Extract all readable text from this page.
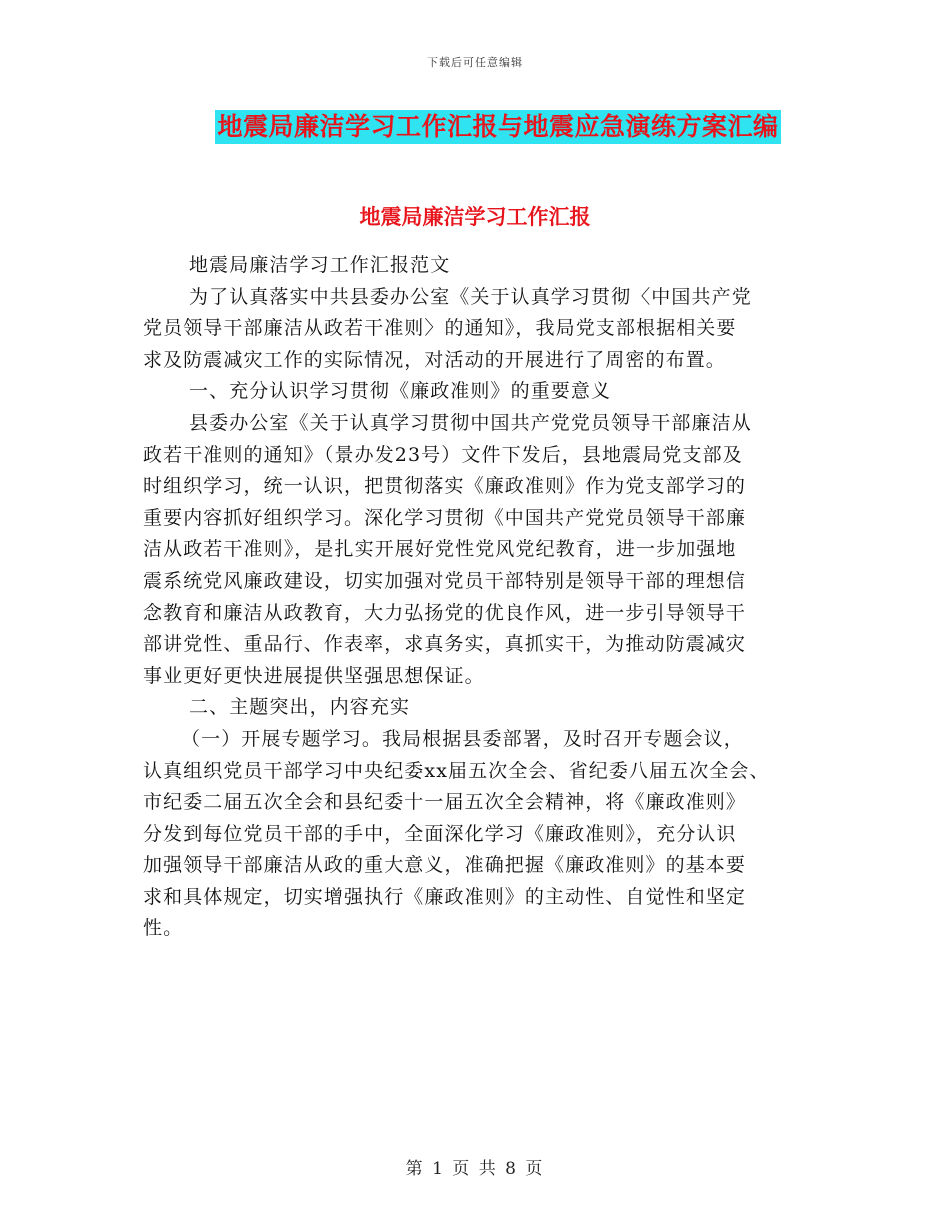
下载后可任意编辑
地震局廉洁学习工作汇报与地震应急演练方案汇编
地震局廉洁学习工作汇报
地震局廉洁学习工作汇报范文
为了认真落实中共县委办公室《关于认真学习贯彻〈中国共产党
党员领导干部廉洁从政若干准则〉的通知》，我局党支部根据相关要
求及防震减灾工作的实际情况，对活动的开展进行了周密的布置。
一、充分认识学习贯彻《廉政准则》的重要意义
县委办公室《关于认真学习贯彻中国共产党党员领导干部廉洁从
政若干准则的通知》（景办发23号）文件下发后，县地震局党支部及
时组织学习，统一认识，把贯彻落实《廉政准则》作为党支部学习的
重要内容抓好组织学习。深化学习贯彻《中国共产党党员领导干部廉
洁从政若干准则》，是扎实开展好党性党风党纪教育，进一步加强地
震系统党风廉政建设，切实加强对党员干部特别是领导干部的理想信
念教育和廉洁从政教育，大力弘扬党的优良作风，进一步引导领导干
部讲党性、重品行、作表率，求真务实，真抓实干，为推动防震减灾
事业更好更快进展提供坚强思想保证。
二、主题突出，内容充实
（一）开展专题学习。我局根据县委部署，及时召开专题会议，
认真组织党员干部学习中央纪委xx届五次全会、省纪委八届五次全会、
市纪委二届五次全会和县纪委十一届五次全会精神，将《廉政准则》
分发到每位党员干部的手中，全面深化学习《廉政准则》，充分认识
加强领导干部廉洁从政的重大意义，准确把握《廉政准则》的基本要
求和具体规定，切实增强执行《廉政准则》的主动性、自觉性和坚定
性。
第 1 页 共 8 页
